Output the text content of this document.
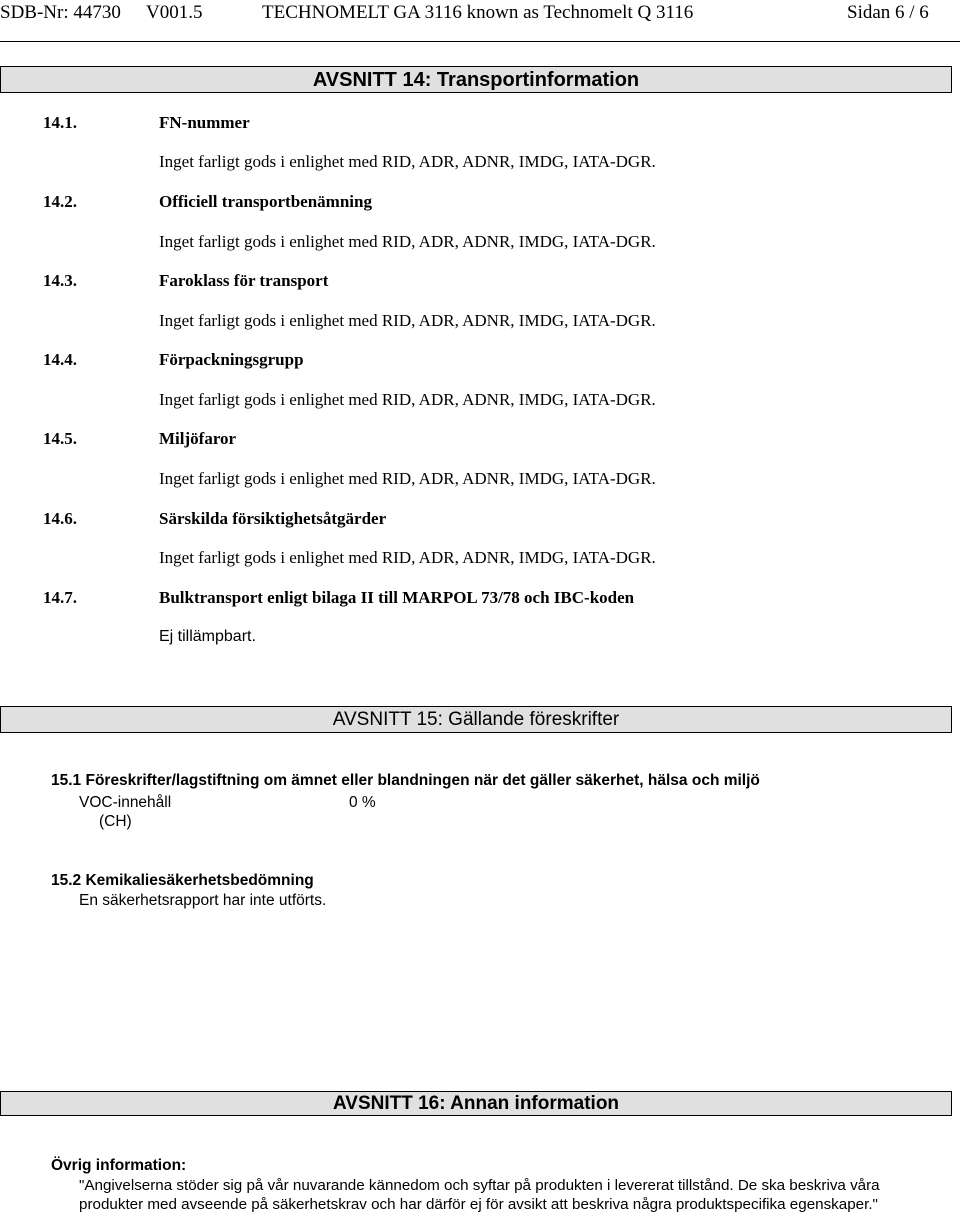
SDB-Nr: 44730 V001.5	TECHNOMELT GA 3116 known as Technomelt Q 3116	Sidan 6 / 6
AVSNITT 14: Transportinformation
14.1.	FN-nummer
Inget farligt gods i enlighet med RID, ADR, ADNR, IMDG, IATA-DGR.
14.2.	Officiell transportbenämning
Inget farligt gods i enlighet med RID, ADR, ADNR, IMDG, IATA-DGR.
14.3.	Faroklass för transport
Inget farligt gods i enlighet med RID, ADR, ADNR, IMDG, IATA-DGR.
14.4.	Förpackningsgrupp
Inget farligt gods i enlighet med RID, ADR, ADNR, IMDG, IATA-DGR.
14.5.	Miljöfaror
Inget farligt gods i enlighet med RID, ADR, ADNR, IMDG, IATA-DGR.
14.6.	Särskilda försiktighetsåtgärder
Inget farligt gods i enlighet med RID, ADR, ADNR, IMDG, IATA-DGR.
14.7.	Bulktransport enligt bilaga II till MARPOL 73/78 och IBC-koden
Ej tillämpbart.
AVSNITT 15: Gällande föreskrifter
15.1 Föreskrifter/lagstiftning om ämnet eller blandningen när det gäller säkerhet, hälsa och miljö
VOC-innehåll	0 %
(CH)
15.2 Kemikaliesäkerhetsbedömning
En säkerhetsrapport har inte utförts.
AVSNITT 16: Annan information
Övrig information:
"Angivelserna stöder sig på vår nuvarande kännedom och syftar på produkten i levererat tillstånd. De ska beskriva våra
produkter med avseende på säkerhetskrav och har därför ej för avsikt att beskriva några produktspecifika egenskaper."
